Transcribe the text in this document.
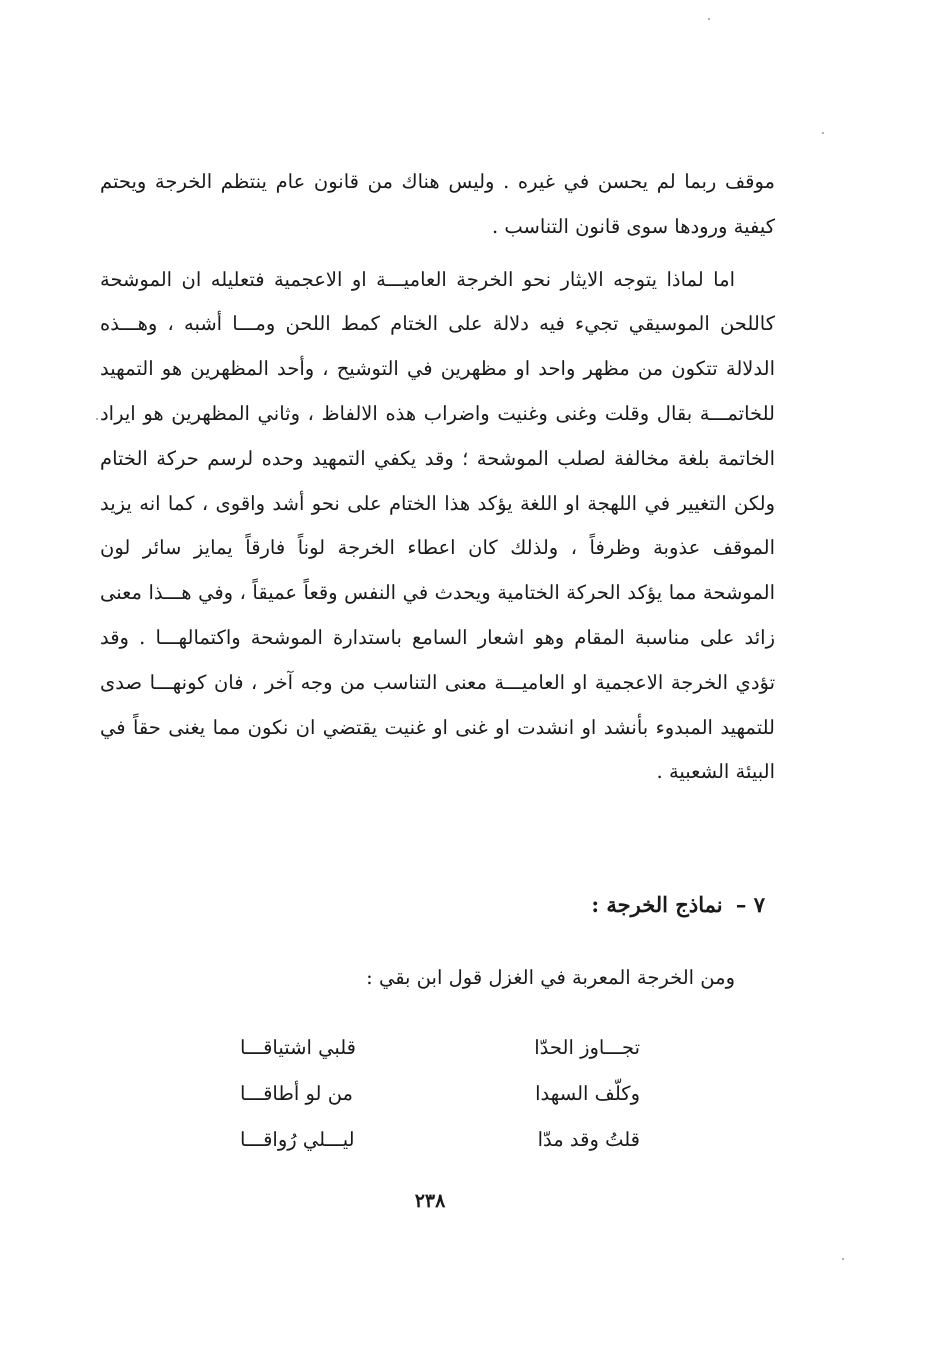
موقف ربما لم يحسن في غيره . وليس هناك من قانون عام ينتظم الخرجة ويحتم كيفية ورودها سوى قانون التناسب .

اما لماذا يتوجه الايثار نحو الخرجة العاميـــة او الاعجمية فتعليله ان الموشحة كاللحن الموسيقي تجيء فيه دلالة على الختام كمط اللحن ومـــا أشبه ، وهـــذه الدلالة تتكون من مظهر واحد او مظهرين في التوشيح ، وأحد المظهرين هو التمهيد للخاتمـــة بقال وقلت وغنى وغنيت واضراب هذه الالفاظ ، وثاني المظهرين هو ايراد الخاتمة بلغة مخالفة لصلب الموشحة ؛ وقد يكفي التمهيد وحده لرسم حركة الختام ولكن التغيير في اللهجة او اللغة يؤكد هذا الختام على نحو أشد واقوى ، كما انه يزيد الموقف عذوبة وظرفاً ، ولذلك كان اعطاء الخرجة لوناً فارقاً يمايز سائر لون الموشحة مما يؤكد الحركة الختامية ويحدث في النفس وقعاً عميقاً ، وفي هـــذا معنى زائد على مناسبة المقام وهو اشعار السامع باستدارة الموشحة واكتمالهـــا . وقد تؤدي الخرجة الاعجمية او العاميـــة معنى التناسب من وجه آخر ، فان كونهـــا صدى للتمهيد المبدوء بأنشد او انشدت او غنى او غنيت يقتضي ان نكون مما يغنى حقاً في البيئة الشعبية .

٧ – نماذج الخرجة :
ومن الخرجة المعربة في الغزل قول ابن بقي :
تجـــاوز الحدّا
قلبي اشتياقـــا
وكلّف السهدا
من لو أطاقـــا
قلتُ وقد مدّا
ليـــلي رُواقـــا
٢٣٨
